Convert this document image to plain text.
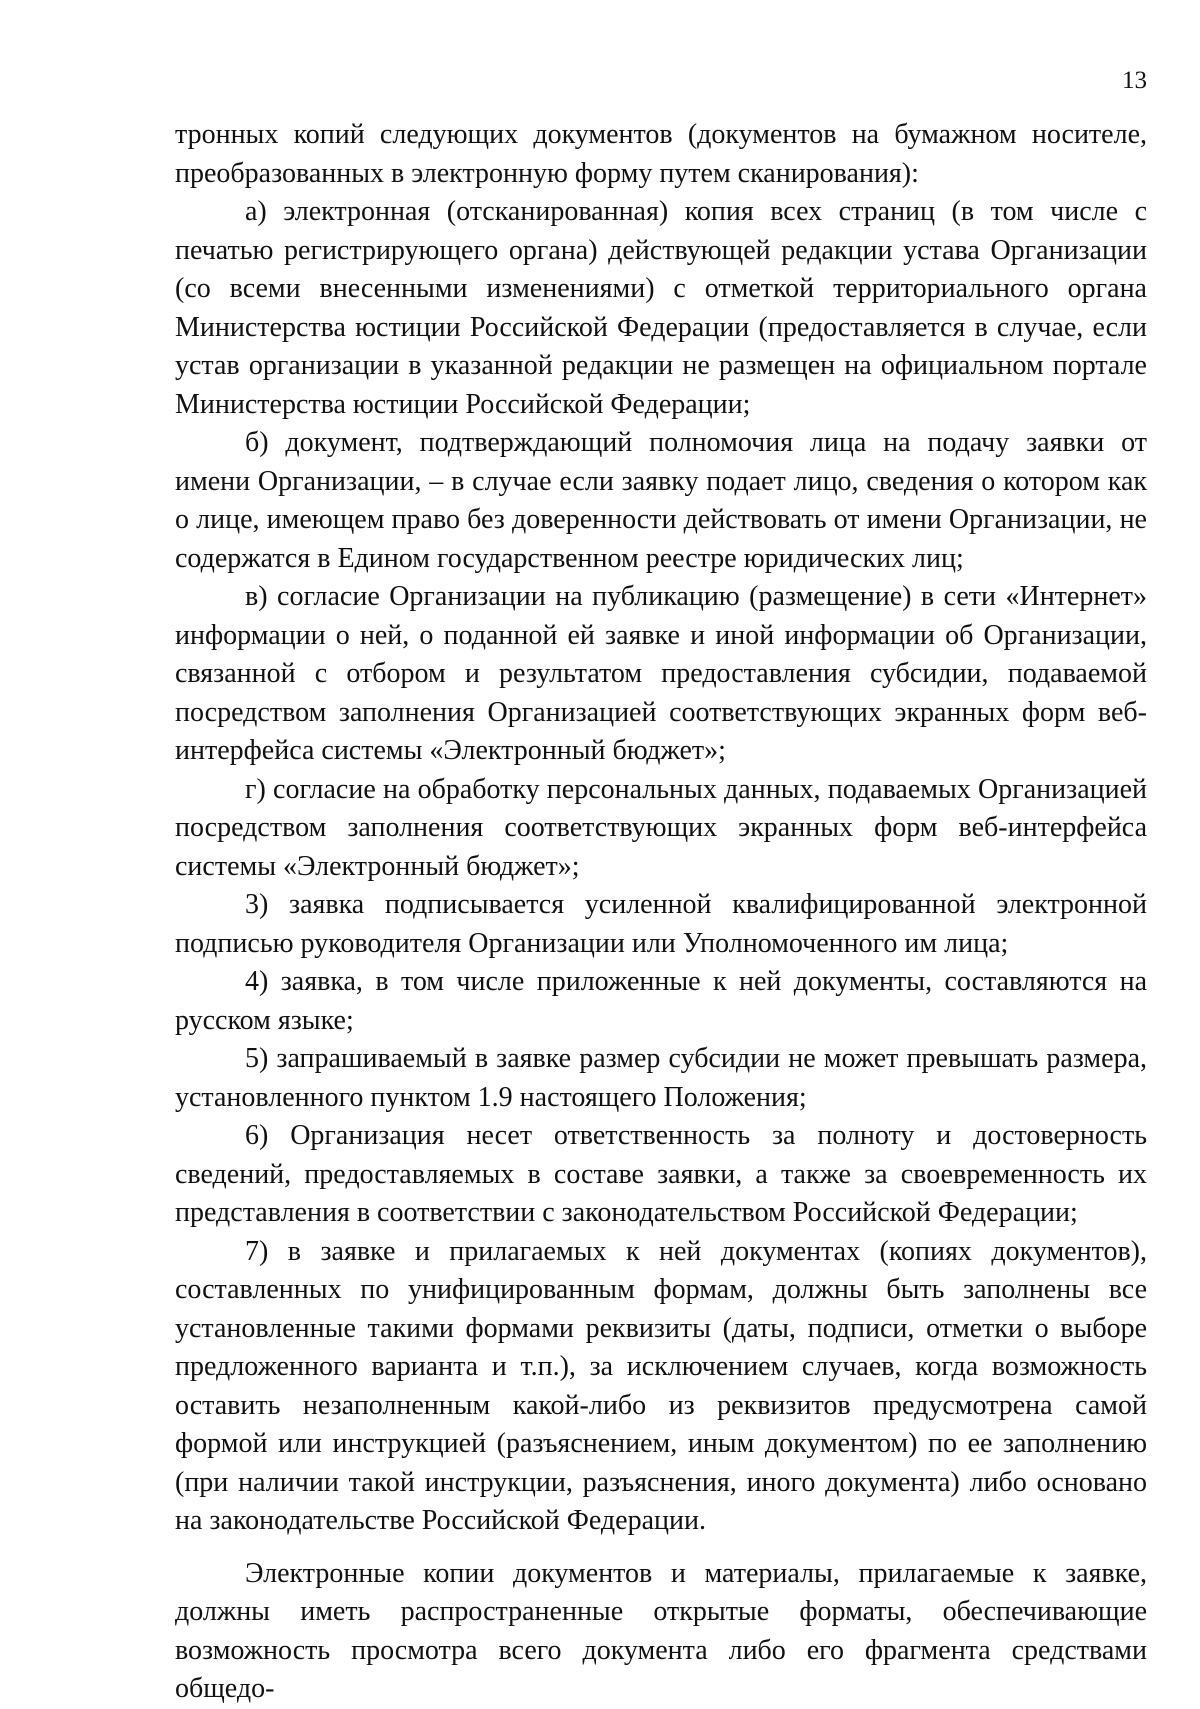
13

тронных копий следующих документов (документов на бумажном носителе, преобразованных в электронную форму путем сканирования):

а) электронная (отсканированная) копия всех страниц (в том числе с печатью регистрирующего органа) действующей редакции устава Организации (со всеми внесенными изменениями) с отметкой территориального органа Министерства юстиции Российской Федерации (предоставляется в случае, если устав организации в указанной редакции не размещен на официальном портале Министерства юстиции Российской Федерации;

б) документ, подтверждающий полномочия лица на подачу заявки от имени Организации, – в случае если заявку подает лицо, сведения о котором как о лице, имеющем право без доверенности действовать от имени Организации, не содержатся в Едином государственном реестре юридических лиц;

в) согласие Организации на публикацию (размещение) в сети «Интернет» информации о ней, о поданной ей заявке и иной информации об Организации, связанной с отбором и результатом предоставления субсидии, подаваемой посредством заполнения Организацией соответствующих экранных форм веб-интерфейса системы «Электронный бюджет»;

г) согласие на обработку персональных данных, подаваемых Организацией посредством заполнения соответствующих экранных форм веб-интерфейса системы «Электронный бюджет»;

3) заявка подписывается усиленной квалифицированной электронной подписью руководителя Организации или Уполномоченного им лица;

4) заявка, в том числе приложенные к ней документы, составляются на русском языке;

5) запрашиваемый в заявке размер субсидии не может превышать размера, установленного пунктом 1.9 настоящего Положения;

6) Организация несет ответственность за полноту и достоверность сведений, предоставляемых в составе заявки, а также за своевременность их представления в соответствии с законодательством Российской Федерации;

7) в заявке и прилагаемых к ней документах (копиях документов), составленных по унифицированным формам, должны быть заполнены все установленные такими формами реквизиты (даты, подписи, отметки о выборе предложенного варианта и т.п.), за исключением случаев, когда возможность оставить незаполненным какой-либо из реквизитов предусмотрена самой формой или инструкцией (разъяснением, иным документом) по ее заполнению (при наличии такой инструкции, разъяснения, иного документа) либо основано на законодательстве Российской Федерации.

Электронные копии документов и материалы, прилагаемые к заявке, должны иметь распространенные открытые форматы, обеспечивающие возможность просмотра всего документа либо его фрагмента средствами общедо-
